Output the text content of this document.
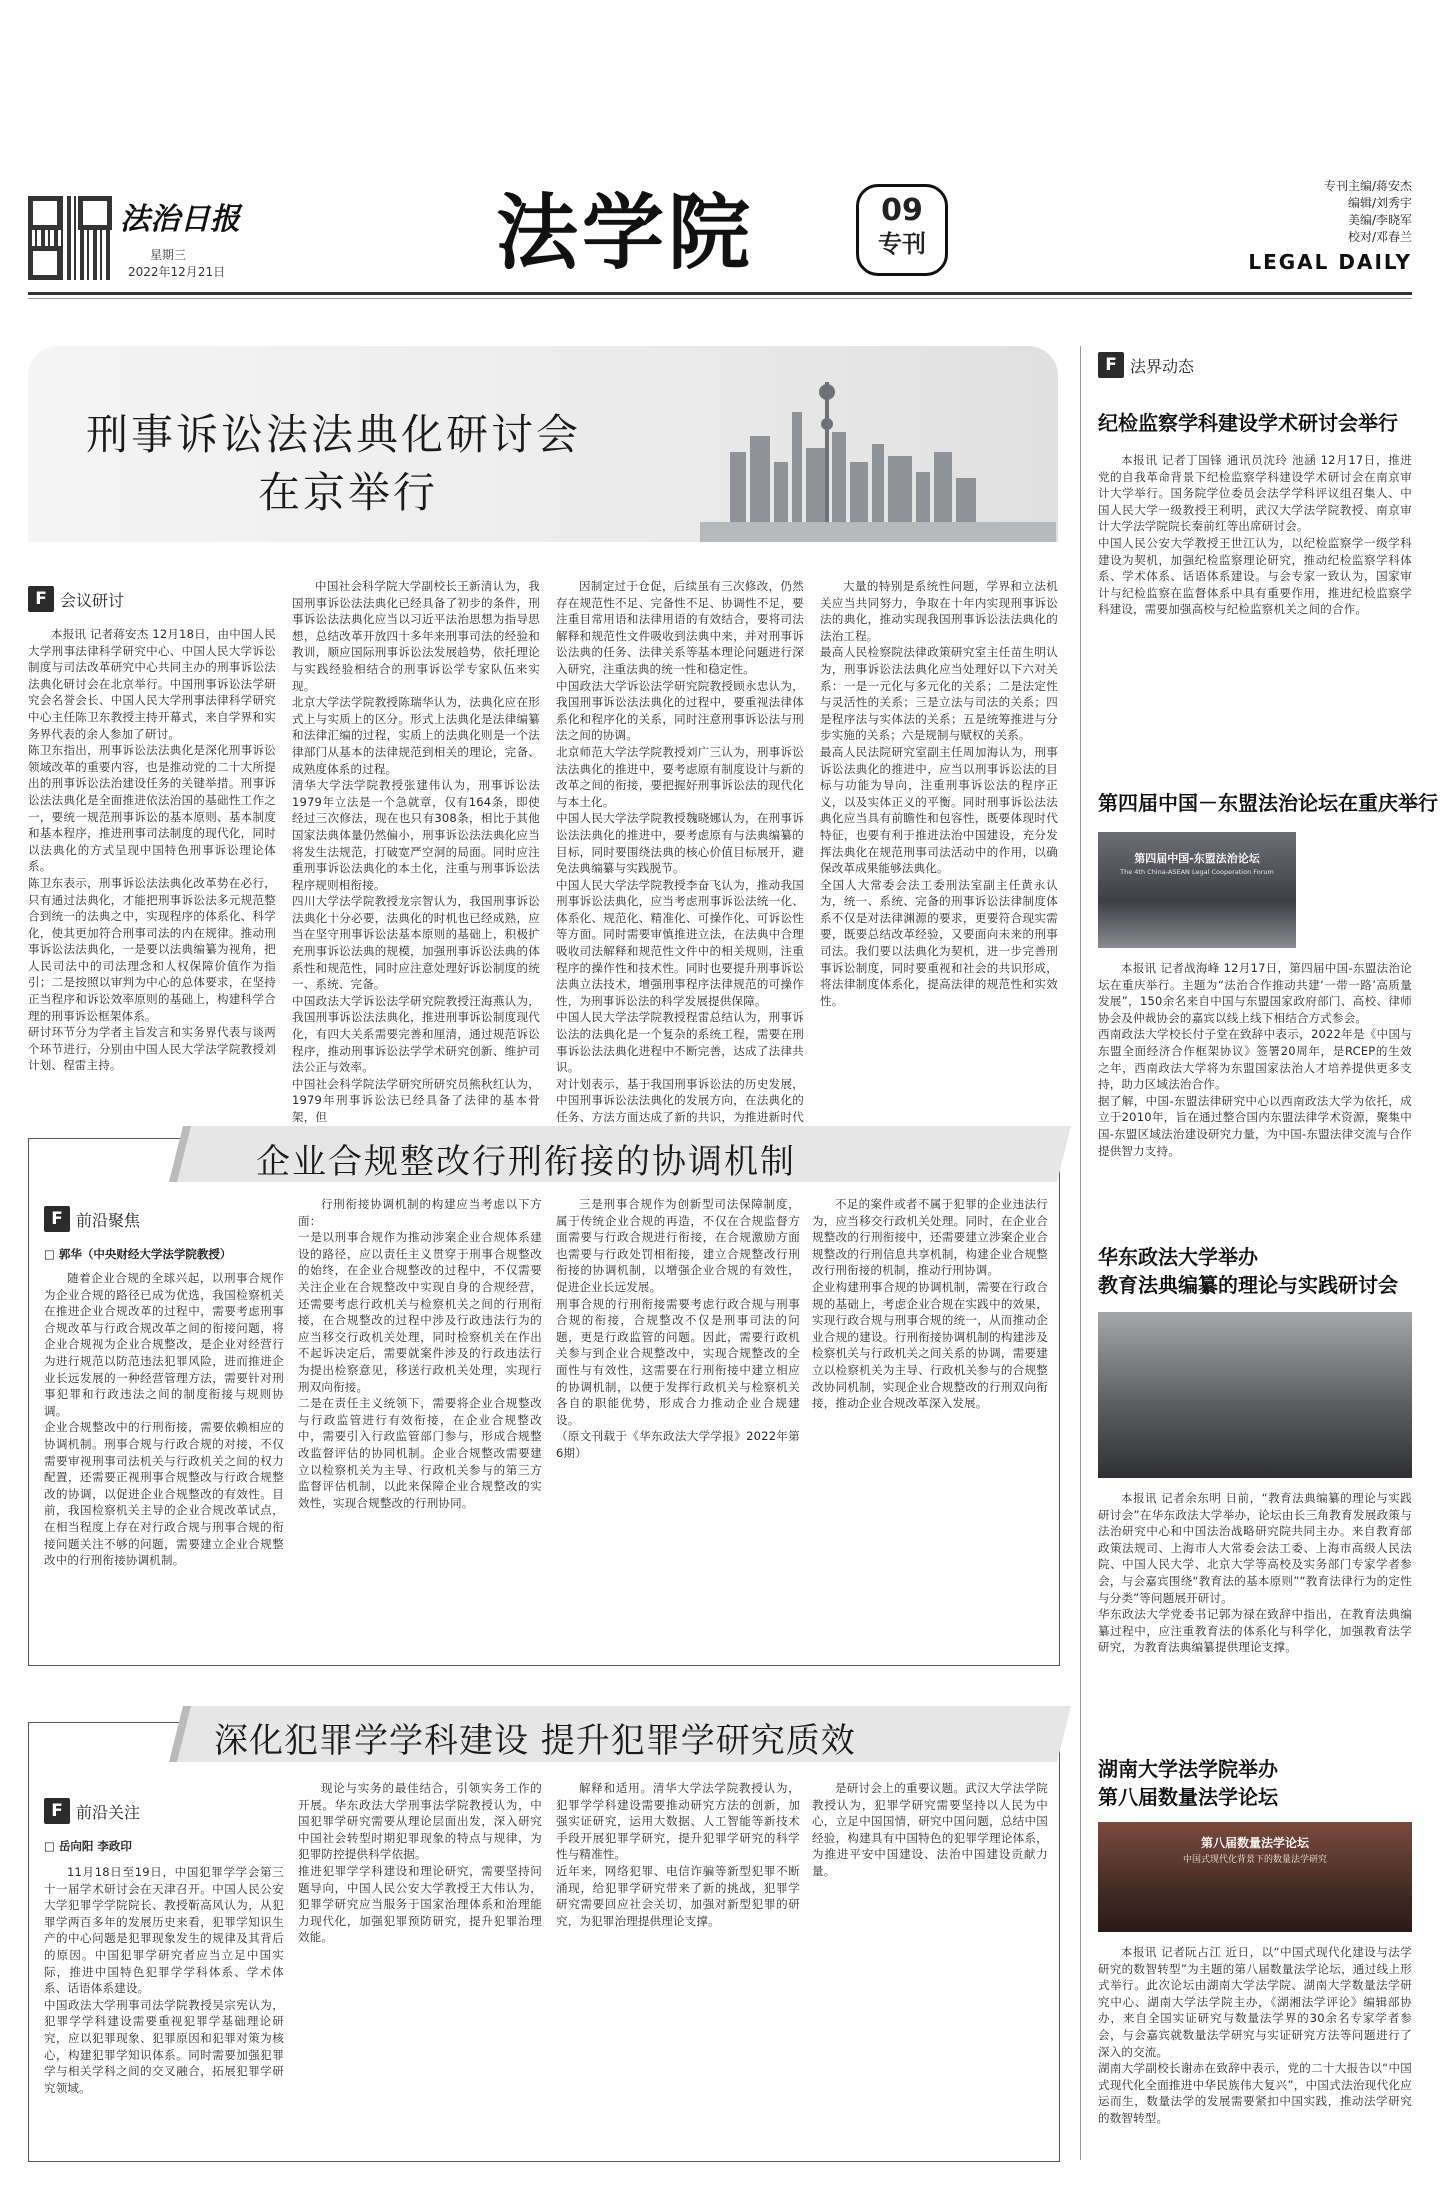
法治日报
星期三
2022年12月21日	法学院	09
专刊
专刊主编/蒋安杰
编辑/刘秀宇
美编/李晓军
校对/邓春兰
LEGAL DAILY
刑事诉讼法法典化研讨会
在京举行
F 会议研讨
本报讯 记者蒋安杰 12月18日，由中国人民大学刑事法律科学研究中心、中国人民大学诉讼制度与司法改革研究中心共同主办的刑事诉讼法法典化研讨会在北京举行。中国刑事诉讼法学研究会名誉会长、中国人民大学刑事法律科学研究中心主任陈卫东教授主持开幕式，来自学界和实务界代表的余人参加了研讨。
陈卫东指出，刑事诉讼法法典化是深化刑事诉讼领域改革的重要内容，也是推动党的二十大所提出的刑事诉讼法治建设任务的关键举措。刑事诉讼法法典化是全面推进依法治国的基础性工作之一，要统一规范刑事诉讼的基本原则、基本制度和基本程序，推进刑事司法制度的现代化，同时以法典化的方式呈现中国特色刑事诉讼理论体系。
陈卫东表示，刑事诉讼法法典化改革势在必行，只有通过法典化，才能把刑事诉讼法多元规范整合到统一的法典之中，实现程序的体系化、科学化，使其更加符合刑事司法的内在规律。推动刑事诉讼法法典化，一是要以法典编纂为视角，把人民司法中的司法理念和人权保障价值作为指引；二是按照以审判为中心的总体要求，在坚持正当程序和诉讼效率原则的基础上，构建科学合理的刑事诉讼框架体系。
研讨环节分为学者主旨发言和实务界代表与谈两个环节进行，分别由中国人民大学法学院教授刘计划、程雷主持。
中国社会科学院大学副校长王新清认为，我国刑事诉讼法法典化已经具备了初步的条件，刑事诉讼法法典化应当以习近平法治思想为指导思想，总结改革开放四十多年来刑事司法的经验和教训，顺应国际刑事诉讼法发展趋势，依托理论与实践经验相结合的刑事诉讼学专家队伍来实现。
北京大学法学院教授陈瑞华认为，法典化应在形式上与实质上的区分。形式上法典化是法律编纂和法律汇编的过程，实质上的法典化则是一个法律部门从基本的法律规范到相关的理论，完备、成熟度体系的过程。
清华大学法学院教授张建伟认为，刑事诉讼法1979年立法是一个急就章，仅有164条，即使经过三次修法，现在也只有308条，相比于其他国家法典体量仍然偏小，刑事诉讼法法典化应当将发生法规范，打破宽严空洞的局面。同时应注重刑事诉讼法典化的本土化，注重与刑事诉讼法程序规则相衔接。
四川大学法学院教授龙宗智认为，我国刑事诉讼法典化十分必要，法典化的时机也已经成熟，应当在坚守刑事诉讼法基本原则的基础上，积极扩充刑事诉讼法典的规模，加强刑事诉讼法典的体系性和规范性，同时应注意处理好诉讼制度的统一、系统、完备。
中国政法大学诉讼法学研究院教授汪海燕认为，我国刑事诉讼法法典化，推进刑事诉讼制度现代化，有四大关系需要完善和厘清，通过规范诉讼程序，推动刑事诉讼法学学术研究创新、维护司法公正与效率。
中国社会科学院法学研究所研究员熊秋红认为，1979年刑事诉讼法已经具备了法律的基本骨架，但
因制定过于仓促，后续虽有三次修改，仍然存在规范性不足、完备性不足、协调性不足，要注重目常用语和法律用语的有效结合，要将司法解释和规范性文件吸收到法典中来，并对刑事诉讼法典的任务、法律关系等基本理论问题进行深入研究，注重法典的统一性和稳定性。
中国政法大学诉讼法学研究院教授顾永忠认为，我国刑事诉讼法法典化的过程中，要重视法律体系化和程序化的关系，同时注意刑事诉讼法与刑法之间的协调。
北京师范大学法学院教授刘广三认为，刑事诉讼法法典化的推进中，要考虑原有制度设计与新的改革之间的衔接，要把握好刑事诉讼法的现代化与本土化。
中国人民大学法学院教授魏晓娜认为，在刑事诉讼法法典化的推进中，要考虑原有与法典编纂的目标，同时要围绕法典的核心价值目标展开，避免法典编纂与实践脱节。
中国人民大学法学院教授李奋飞认为，推动我国刑事诉讼法典化，应当考虑刑事诉讼法统一化、体系化、规范化、精准化、可操作化、可诉讼性等方面。同时需要审慎推进立法，在法典中合理吸收司法解释和规范性文件中的相关规则，注重程序的操作性和技术性。同时也要提升刑事诉讼法典立法技术，增强刑事程序法律规范的可操作性，为刑事诉讼法的科学发展提供保障。
中国人民大学法学院教授程雷总结认为，刑事诉讼法的法典化是一个复杂的系统工程，需要在刑事诉讼法法典化进程中不断完善，达成了法律共识。
对计划表示，基于我国刑事诉讼法的历史发展，中国刑事诉讼法法典化的发展方向，在法典化的任务、方法方面达成了新的共识，为推进新时代
大量的特别是系统性问题，学界和立法机关应当共同努力，争取在十年内实现刑事诉讼法的典化，推动实现我国刑事诉讼法法典化的法治工程。
最高人民检察院法律政策研究室主任苗生明认为，刑事诉讼法法典化应当处理好以下六对关系：一是一元化与多元化的关系；二是法定性与灵活性的关系；三是立法与司法的关系；四是程序法与实体法的关系；五是统筹推进与分步实施的关系；六是规制与赋权的关系。
最高人民法院研究室副主任周加海认为，刑事诉讼法典化的推进中，应当以刑事诉讼法的目标与功能为导向，注重刑事诉讼法的程序正义，以及实体正义的平衡。同时刑事诉讼法法典化应当具有前瞻性和包容性，既要体现时代特征，也要有利于推进法治中国建设，充分发挥法典化在规范刑事司法活动中的作用，以确保改革成果能够法典化。
全国人大常委会法工委刑法室副主任黄永认为，统一、系统、完备的刑事诉讼法律制度体系不仅是对法律渊源的要求，更要符合现实需要，既要总结改革经验，又要面向未来的刑事司法。我们要以法典化为契机，进一步完善刑事诉讼制度，同时要重视和社会的共识形成，将法律制度体系化，提高法律的规范性和实效性。
企业合规整改行刑衔接的协调机制
F 前沿聚焦
□ 郭华（中央财经大学法学院教授）
随着企业合规的全球兴起，以刑事合规作为企业合规的路径已成为优选，我国检察机关在推进企业合规改革的过程中，需要考虑刑事合规改革与行政合规改革之间的衔接问题，将企业合规视为企业合规整改，是企业对经营行为进行规范以防范违法犯罪风险，进而推进企业长远发展的一种经营管理方法，需要针对刑事犯罪和行政违法之间的制度衔接与规则协调。
企业合规整改中的行刑衔接，需要依赖相应的协调机制。刑事合规与行政合规的对接，不仅需要审视刑事司法机关与行政机关之间的权力配置，还需要正视刑事合规整改与行政合规整改的协调，以促进企业合规整改的有效性。目前，我国检察机关主导的企业合规改革试点，在相当程度上存在对行政合规与刑事合规的衔接问题关注不够的问题，需要建立企业合规整改中的行刑衔接协调机制。
行刑衔接协调机制的构建应当考虑以下方面：
一是以刑事合规作为推动涉案企业合规体系建设的路径，应以责任主义贯穿于刑事合规整改的始终，在企业合规整改的过程中，不仅需要关注企业在合规整改中实现自身的合规经营，还需要考虑行政机关与检察机关之间的行刑衔接，在合规整改的过程中涉及行政违法行为的应当移交行政机关处理，同时检察机关在作出不起诉决定后，需要就案件涉及的行政违法行为提出检察意见，移送行政机关处理，实现行刑双向衔接。
二是在责任主义统领下，需要将企业合规整改与行政监管进行有效衔接，在企业合规整改中，需要引入行政监管部门参与，形成合规整改监督评估的协同机制。企业合规整改需要建立以检察机关为主导、行政机关参与的第三方监督评估机制，以此来保障企业合规整改的实效性，实现合规整改的行刑协同。
三是刑事合规作为创新型司法保障制度，属于传统企业合规的再造，不仅在合规监督方面需要与行政合规进行衔接，在合规激励方面也需要与行政处罚相衔接，建立合规整改行刑衔接的协调机制，以增强企业合规的有效性，促进企业长远发展。
刑事合规的行刑衔接需要考虑行政合规与刑事合规的衔接，合规整改不仅是刑事司法的问题，更是行政监管的问题。因此，需要行政机关参与到企业合规整改中，实现合规整改的全面性与有效性，这需要在行刑衔接中建立相应的协调机制，以便于发挥行政机关与检察机关各自的职能优势，形成合力推动企业合规建设。
（原文刊载于《华东政法大学学报》2022年第6期）
不足的案件或者不属于犯罪的企业违法行为，应当移交行政机关处理。同时，在企业合规整改的行刑衔接中，还需要建立涉案企业合规整改的行刑信息共享机制，构建企业合规整改行刑衔接的机制，推动行刑协调。
企业构建刑事合规的协调机制，需要在行政合规的基础上，考虑企业合规在实践中的效果，实现行政合规与刑事合规的统一，从而推动企业合规的建设。行刑衔接协调机制的构建涉及检察机关与行政机关之间关系的协调，需要建立以检察机关为主导、行政机关参与的合规整改协同机制，实现企业合规整改的行刑双向衔接，推动企业合规改革深入发展。
深化犯罪学学科建设 提升犯罪学研究质效
F 前沿关注
□ 岳向阳 李政印
11月18日至19日，中国犯罪学学会第三十一届学术研讨会在天津召开。中国人民公安大学犯罪学学院院长、教授靳高风认为，从犯罪学两百多年的发展历史来看，犯罪学知识生产的中心问题是犯罪现象发生的规律及其背后的原因。中国犯罪学研究者应当立足中国实际，推进中国特色犯罪学学科体系、学术体系、话语体系建设。
中国政法大学刑事司法学院教授吴宗宪认为，犯罪学学科建设需要重视犯罪学基础理论研究，应以犯罪现象、犯罪原因和犯罪对策为核心，构建犯罪学知识体系。同时需要加强犯罪学与相关学科之间的交叉融合，拓展犯罪学研究领域。
现论与实务的最佳结合，引领实务工作的开展。华东政法大学刑事法学院教授认为，中国犯罪学研究需要从理论层面出发，深入研究中国社会转型时期犯罪现象的特点与规律，为犯罪防控提供科学依据。
推进犯罪学学科建设和理论研究，需要坚持问题导向，中国人民公安大学教授王大伟认为，犯罪学研究应当服务于国家治理体系和治理能力现代化，加强犯罪预防研究，提升犯罪治理效能。
解释和适用。清华大学法学院教授认为，犯罪学学科建设需要推动研究方法的创新，加强实证研究，运用大数据、人工智能等新技术手段开展犯罪学研究，提升犯罪学研究的科学性与精准性。
近年来，网络犯罪、电信诈骗等新型犯罪不断涌现，给犯罪学研究带来了新的挑战，犯罪学研究需要回应社会关切，加强对新型犯罪的研究，为犯罪治理提供理论支撑。
是研讨会上的重要议题。武汉大学法学院教授认为，犯罪学研究需要坚持以人民为中心，立足中国国情，研究中国问题，总结中国经验，构建具有中国特色的犯罪学理论体系，为推进平安中国建设、法治中国建设贡献力量。
F 法界动态
纪检监察学科建设学术研讨会举行
本报讯 记者丁国锋 通讯员沈玲 池涵 12月17日，推进党的自我革命背景下纪检监察学科建设学术研讨会在南京审计大学举行。国务院学位委员会法学学科评议组召集人、中国人民大学一级教授王利明，武汉大学法学院教授、南京审计大学法学院院长秦前红等出席研讨会。
中国人民公安大学教授王世江认为，以纪检监察学一级学科建设为契机，加强纪检监察理论研究，推动纪检监察学科体系、学术体系、话语体系建设。与会专家一致认为，国家审计与纪检监察在监督体系中具有重要作用，推进纪检监察学科建设，需要加强高校与纪检监察机关之间的合作。
第四届中国－东盟法治论坛在重庆举行
第四届中国-东盟法治论坛
The 4th China-ASEAN Legal Cooperation Forum
本报讯 记者战海峰 12月17日，第四届中国-东盟法治论坛在重庆举行。主题为“法治合作推动共建‘一带一路’高质量发展”，150余名来自中国与东盟国家政府部门、高校、律师协会及仲裁协会的嘉宾以线上线下相结合方式参会。
西南政法大学校长付子堂在致辞中表示，2022年是《中国与东盟全面经济合作框架协议》签署20周年，是RCEP的生效之年，西南政法大学将为东盟国家法治人才培养提供更多支持，助力区域法治合作。
据了解，中国-东盟法律研究中心以西南政法大学为依托，成立于2010年，旨在通过整合国内东盟法律学术资源，聚集中国-东盟区域法治建设研究力量，为中国-东盟法律交流与合作提供智力支持。
华东政法大学举办
教育法典编纂的理论与实践研讨会
本报讯 记者余东明 日前，“教育法典编纂的理论与实践研讨会”在华东政法大学举办，论坛由长三角教育发展政策与法治研究中心和中国法治战略研究院共同主办。来自教育部政策法规司、上海市人大常委会法工委、上海市高级人民法院、中国人民大学、北京大学等高校及实务部门专家学者参会，与会嘉宾围绕“教育法的基本原则”“教育法律行为的定性与分类”等问题展开研讨。
华东政法大学党委书记郭为禄在致辞中指出，在教育法典编纂过程中，应注重教育法的体系化与科学化，加强教育法学研究，为教育法典编纂提供理论支撑。
湖南大学法学院举办
第八届数量法学论坛
第八届数量法学论坛
中国式现代化背景下的数量法学研究
本报讯 记者阮占江 近日，以“中国式现代化建设与法学研究的数智转型”为主题的第八届数量法学论坛，通过线上形式举行。此次论坛由湖南大学法学院、湖南大学数量法学研究中心、湖南大学法学院主办，《湖湘法学评论》编辑部协办，来自全国实证研究与数量法学界的30余名专家学者参会，与会嘉宾就数量法学研究与实证研究方法等问题进行了深入的交流。
湖南大学副校长谢赤在致辞中表示，党的二十大报告以“中国式现代化全面推进中华民族伟大复兴”，中国式法治现代化应运而生，数量法学的发展需要紧扣中国实践，推动法学研究的数智转型。
